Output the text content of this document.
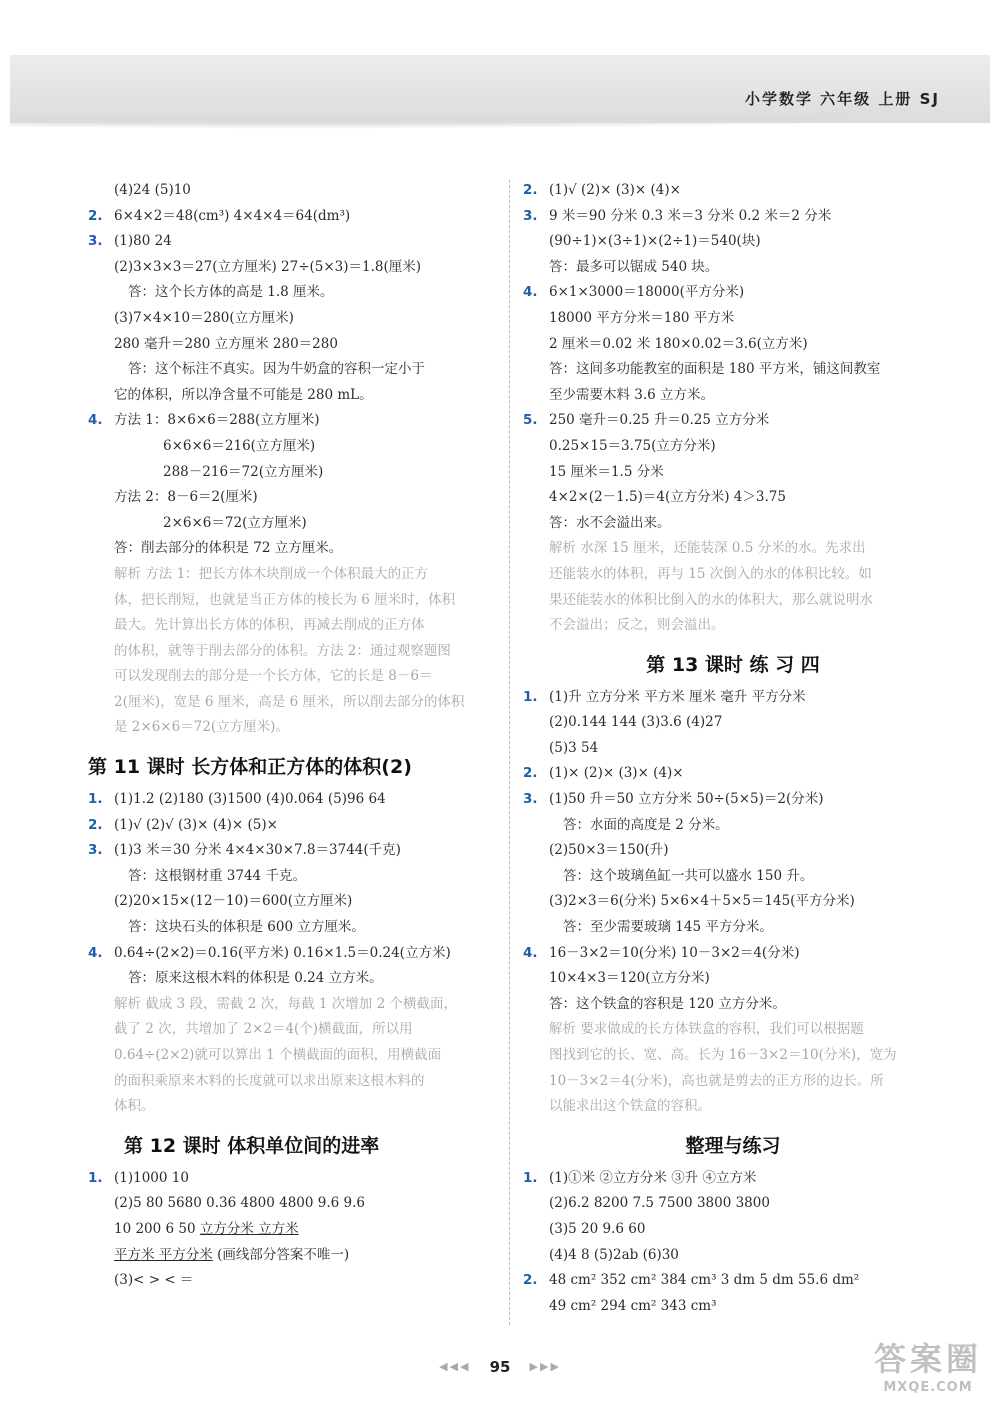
小学数学 六年级 上册 SJ
(4)24 (5)10
2. 6×4×2＝48(cm³) 4×4×4＝64(dm³)
3. (1)80 24
(2)3×3×3＝27(立方厘米) 27÷(5×3)＝1.8(厘米)
答：这个长方体的高是 1.8 厘米。
(3)7×4×10＝280(立方厘米)
280 毫升＝280 立方厘米 280＝280
答：这个标注不真实。因为牛奶盒的容积一定小于
它的体积，所以净含量不可能是 280 mL。
4. 方法 1：8×6×6＝288(立方厘米)
6×6×6＝216(立方厘米)
288－216＝72(立方厘米)
方法 2：8－6＝2(厘米)
2×6×6＝72(立方厘米)
答：削去部分的体积是 72 立方厘米。
解析 方法 1：把长方体木块削成一个体积最大的正方
体，把长削短，也就是当正方体的棱长为 6 厘米时，体积
最大。先计算出长方体的体积，再减去削成的正方体
的体积，就等于削去部分的体积。方法 2：通过观察题图
可以发现削去的部分是一个长方体，它的长是 8－6＝
2(厘米)，宽是 6 厘米，高是 6 厘米，所以削去部分的体积
是 2×6×6＝72(立方厘米)。
第 11 课时 长方体和正方体的体积(2)
1. (1)1.2 (2)180 (3)1500 (4)0.064 (5)96 64
2. (1)√ (2)√ (3)× (4)× (5)×
3. (1)3 米＝30 分米 4×4×30×7.8＝3744(千克)
答：这根钢材重 3744 千克。
(2)20×15×(12－10)＝600(立方厘米)
答：这块石头的体积是 600 立方厘米。
4. 0.64÷(2×2)＝0.16(平方米) 0.16×1.5＝0.24(立方米)
答：原来这根木料的体积是 0.24 立方米。
解析 截成 3 段，需截 2 次，每截 1 次增加 2 个横截面，
截了 2 次，共增加了 2×2＝4(个)横截面，所以用
0.64÷(2×2)就可以算出 1 个横截面的面积，用横截面
的面积乘原来木料的长度就可以求出原来这根木料的
体积。
第 12 课时 体积单位间的进率
1. (1)1000 10
(2)5 80 5680 0.36 4800 4800 9.6 9.6
10 200 6 50 立方分米 立方米
平方米 平方分米 (画线部分答案不唯一)
(3)< > < ＝
2. (1)√ (2)× (3)× (4)×
3. 9 米＝90 分米 0.3 米＝3 分米 0.2 米＝2 分米
(90÷1)×(3÷1)×(2÷1)＝540(块)
答：最多可以锯成 540 块。
4. 6×1×3000＝18000(平方分米)
18000 平方分米＝180 平方米
2 厘米＝0.02 米 180×0.02＝3.6(立方米)
答：这间多功能教室的面积是 180 平方米，铺这间教室
至少需要木料 3.6 立方米。
5. 250 毫升＝0.25 升＝0.25 立方分米
0.25×15＝3.75(立方分米)
15 厘米＝1.5 分米
4×2×(2－1.5)＝4(立方分米) 4＞3.75
答：水不会溢出来。
解析 水深 15 厘米，还能装深 0.5 分米的水。先求出
还能装水的体积，再与 15 次倒入的水的体积比较。如
果还能装水的体积比倒入的水的体积大，那么就说明水
不会溢出；反之，则会溢出。
第 13 课时 练 习 四
1. (1)升 立方分米 平方米 厘米 毫升 平方分米
(2)0.144 144 (3)3.6 (4)27
(5)3 54
2. (1)× (2)× (3)× (4)×
3. (1)50 升＝50 立方分米 50÷(5×5)＝2(分米)
答：水面的高度是 2 分米。
(2)50×3＝150(升)
答：这个玻璃鱼缸一共可以盛水 150 升。
(3)2×3＝6(分米) 5×6×4＋5×5＝145(平方分米)
答：至少需要玻璃 145 平方分米。
4. 16－3×2＝10(分米) 10－3×2＝4(分米)
10×4×3＝120(立方分米)
答：这个铁盒的容积是 120 立方分米。
解析 要求做成的长方体铁盒的容积，我们可以根据题
图找到它的长、宽、高。长为 16－3×2＝10(分米)，宽为
10－3×2＝4(分米)，高也就是剪去的正方形的边长。所
以能求出这个铁盒的容积。
整理与练习
1. (1)①米 ②立方分米 ③升 ④立方米
(2)6.2 8200 7.5 7500 3800 3800
(3)5 20 9.6 60
(4)4 8 (5)2ab (6)30
2. 48 cm² 352 cm² 384 cm³ 3 dm 5 dm 55.6 dm²
49 cm² 294 cm² 343 cm³
◀◀◀ 95 ▶▶▶	答案圈
MXQE.COM
